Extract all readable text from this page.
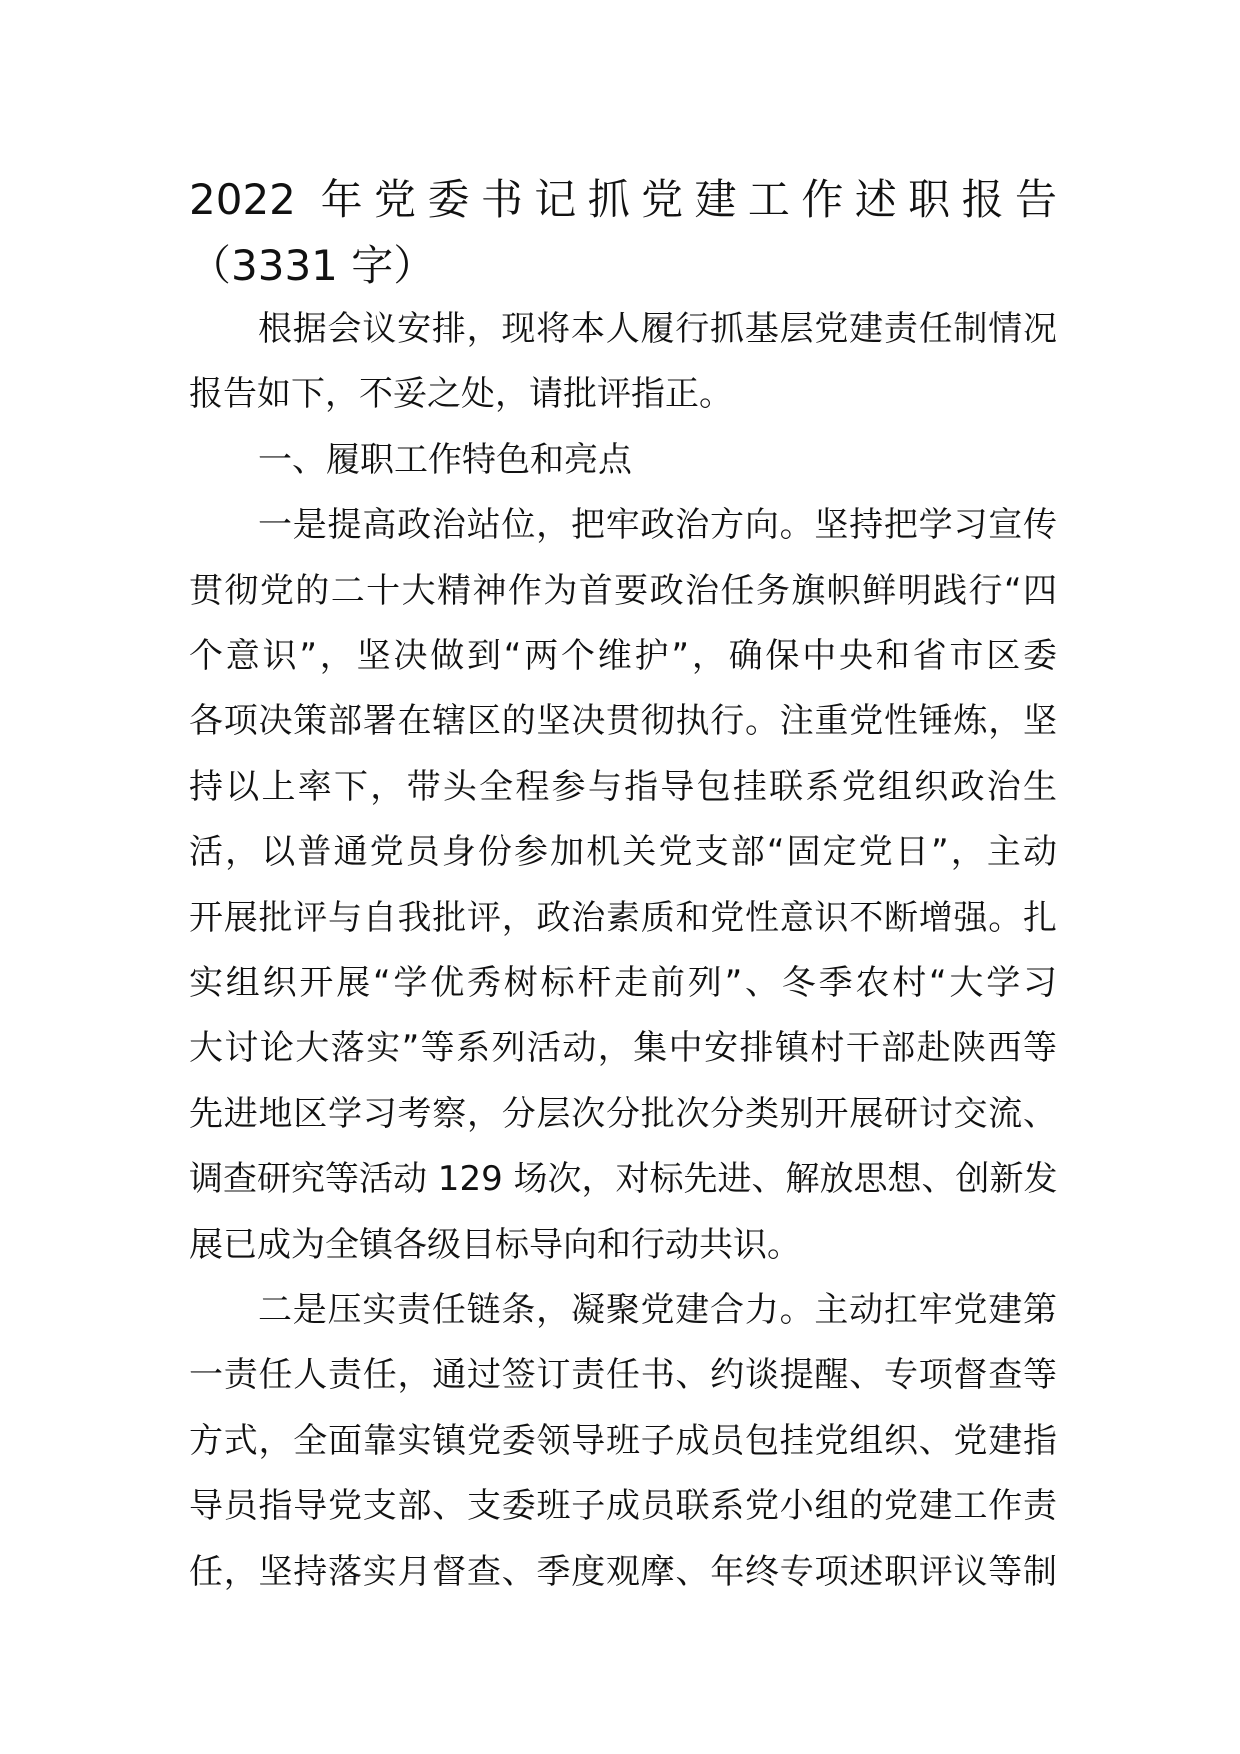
2022 年党委书记抓党建工作述职报告
（3331 字）
根据会议安排，现将本人履行抓基层党建责任制情况
报告如下，不妥之处，请批评指正。
一、履职工作特色和亮点
一是提高政治站位，把牢政治方向。坚持把学习宣传
贯彻党的二十大精神作为首要政治任务旗帜鲜明践行“四
个意识”，坚决做到“两个维护”，确保中央和省市区委
各项决策部署在辖区的坚决贯彻执行。注重党性锤炼，坚
持以上率下，带头全程参与指导包挂联系党组织政治生
活，以普通党员身份参加机关党支部“固定党日”，主动
开展批评与自我批评，政治素质和党性意识不断增强。扎
实组织开展“学优秀树标杆走前列”、冬季农村“大学习
大讨论大落实”等系列活动，集中安排镇村干部赴陕西等
先进地区学习考察，分层次分批次分类别开展研讨交流、
调查研究等活动 129 场次，对标先进、解放思想、创新发
展已成为全镇各级目标导向和行动共识。
二是压实责任链条，凝聚党建合力。主动扛牢党建第
一责任人责任，通过签订责任书、约谈提醒、专项督查等
方式，全面靠实镇党委领导班子成员包挂党组织、党建指
导员指导党支部、支委班子成员联系党小组的党建工作责
任，坚持落实月督查、季度观摩、年终专项述职评议等制
